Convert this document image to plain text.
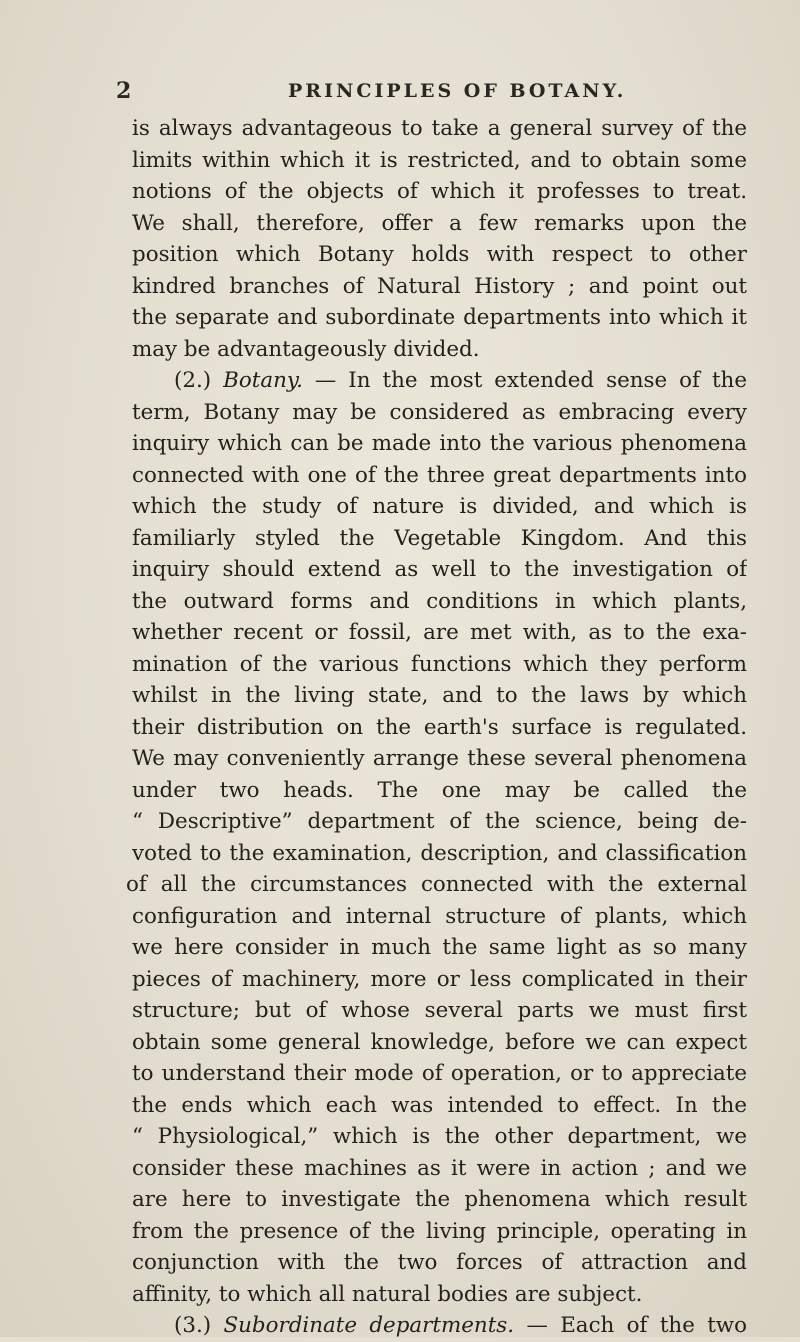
2	PRINCIPLES OF BOTANY.
is always advantageous to take a general survey of the
limits within which it is restricted, and to obtain some
notions of the objects of which it professes to treat.
We shall, therefore, offer a few remarks upon the
position which Botany holds with respect to other
kindred branches of Natural History ; and point out
the separate and subordinate departments into which it
may be advantageously divided.
(2.) Botany. — In the most extended sense of the
term, Botany may be considered as embracing every
inquiry which can be made into the various phenomena
connected with one of the three great departments into
which the study of nature is divided, and which is
familiarly styled the Vegetable Kingdom. And this
inquiry should extend as well to the investigation of
the outward forms and conditions in which plants,
whether recent or fossil, are met with, as to the exa-
mination of the various functions which they perform
whilst in the living state, and to the laws by which
their distribution on the earth's surface is regulated.
We may conveniently arrange these several phenomena
under two heads. The one may be called the
“ Descriptive” department of the science, being de-
voted to the examination, description, and classification
of all the circumstances connected with the external
configuration and internal structure of plants, which
we here consider in much the same light as so many
pieces of machinery, more or less complicated in their
structure; but of whose several parts we must first
obtain some general knowledge, before we can expect
to understand their mode of operation, or to appreciate
the ends which each was intended to effect. In the
“ Physiological,” which is the other department, we
consider these machines as it were in action ; and we
are here to investigate the phenomena which result
from the presence of the living principle, operating in
conjunction with the two forces of attraction and
affinity, to which all natural bodies are subject.
(3.) Subordinate departments. — Each of the two
